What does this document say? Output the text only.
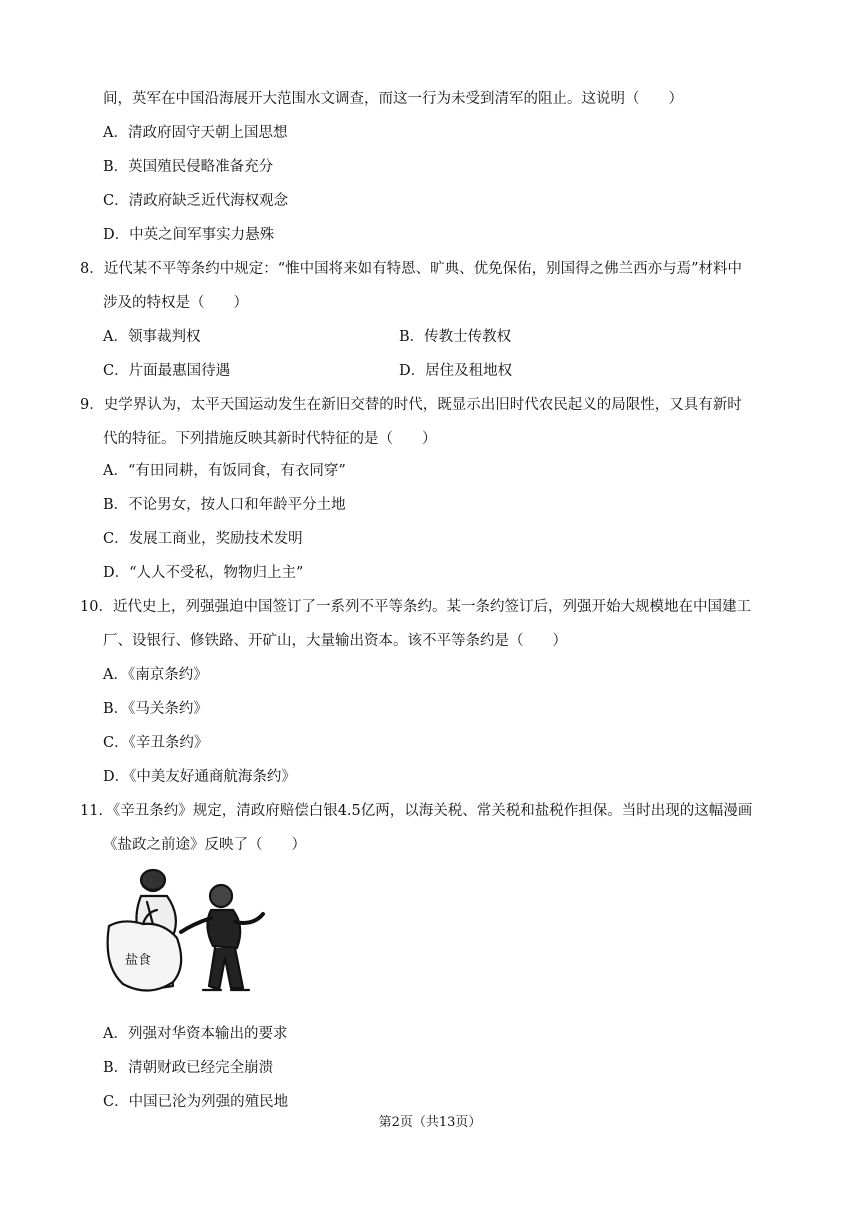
间，英军在中国沿海展开大范围水文调查，而这一行为未受到清军的阻止。这说明（　　）
A．清政府固守天朝上国思想
B．英国殖民侵略准备充分
C．清政府缺乏近代海权观念
D．中英之间军事实力悬殊
8．近代某不平等条约中规定：“惟中国将来如有特恩、旷典、优免保佑，别国得之佛兰西亦与焉”材料中
涉及的特权是（　　）
A．领事裁判权	B．传教士传教权
C．片面最惠国待遇	D．居住及租地权
9．史学界认为，太平天国运动发生在新旧交替的时代，既显示出旧时代农民起义的局限性，又具有新时
代的特征。下列措施反映其新时代特征的是（　　）
A．“有田同耕，有饭同食，有衣同穿”
B．不论男女，按人口和年龄平分土地
C．发展工商业，奖励技术发明
D．“人人不受私，物物归上主”
10．近代史上，列强强迫中国签订了一系列不平等条约。某一条约签订后，列强开始大规模地在中国建工
厂、设银行、修铁路、开矿山，大量输出资本。该不平等条约是（　　）
A．《南京条约》
B．《马关条约》
C．《辛丑条约》
D．《中美友好通商航海条约》
11．《辛丑条约》规定，清政府赔偿白银4.5亿两，以海关税、常关税和盐税作担保。当时出现的这幅漫画
《盐政之前途》反映了（　　）
盐食
A．列强对华资本输出的要求
B．清朝财政已经完全崩溃
C．中国已沦为列强的殖民地
第2页（共13页）
